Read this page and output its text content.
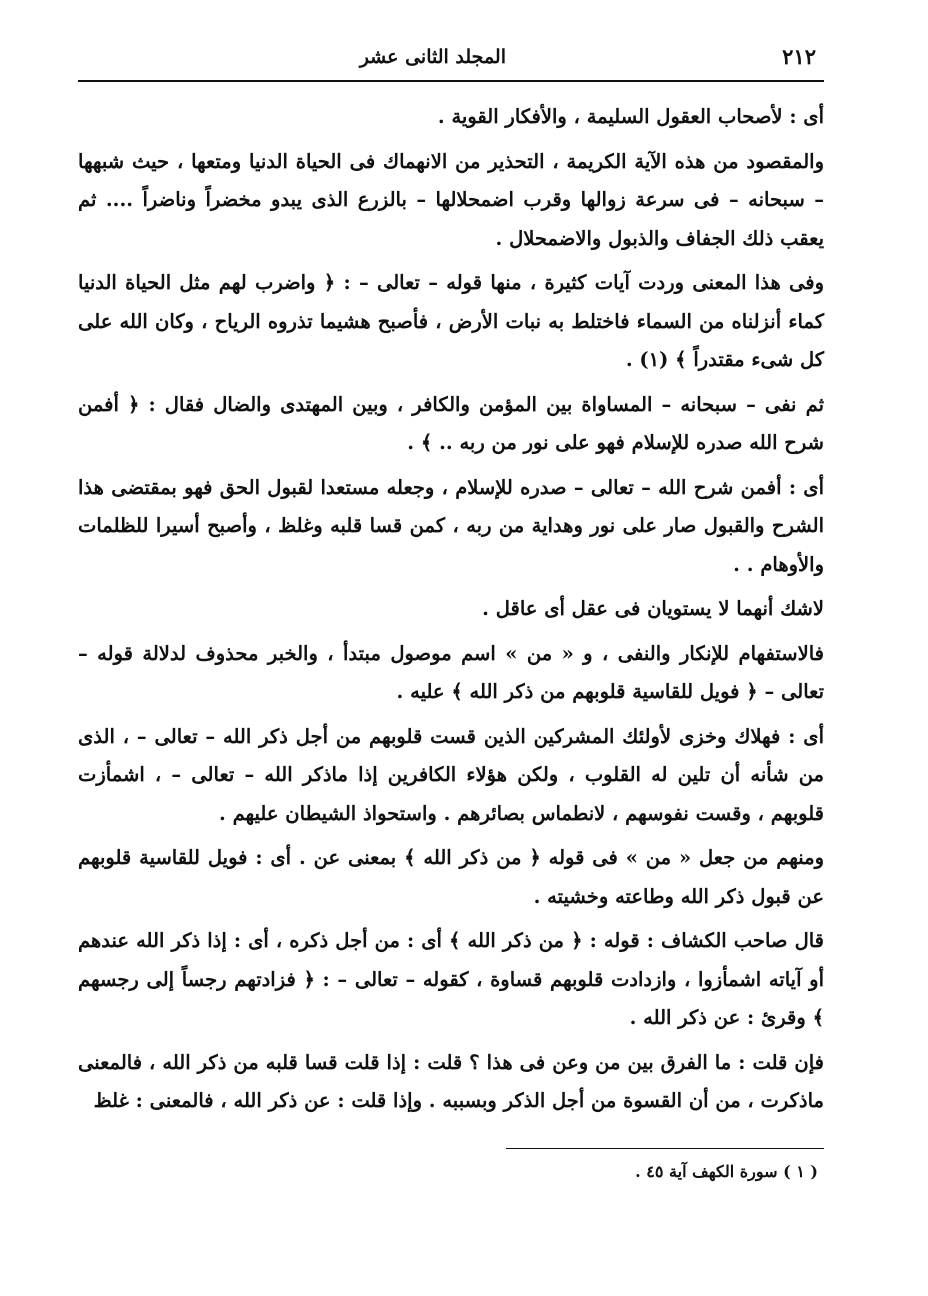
٢١٢
المجلد الثانى عشر

أى : لأصحاب العقول السليمة ، والأفكار القوية .

والمقصود من هذه الآية الكريمة ، التحذير من الانهماك فى الحياة الدنيا ومتعها ، حيث شبهها – سبحانه – فى سرعة زوالها وقرب اضمحلالها – بالزرع الذى يبدو مخضراً وناضراً .... ثم يعقب ذلك الجفاف والذبول والاضمحلال .

وفى هذا المعنى وردت آيات كثيرة ، منها قوله – تعالى – : ﴿ واضرب لهم مثل الحياة الدنيا كماء أنزلناه من السماء فاختلط به نبات الأرض ، فأصبح هشيما تذروه الرياح ، وكان الله على كل شىء مقتدراً ﴾ (١) .

ثم نفى – سبحانه – المساواة بين المؤمن والكافر ، وبين المهتدى والضال فقال : ﴿ أفمن شرح الله صدره للإسلام فهو على نور من ربه .. ﴾ .

أى : أفمن شرح الله – تعالى – صدره للإسلام ، وجعله مستعدا لقبول الحق فهو بمقتضى هذا الشرح والقبول صار على نور وهداية من ربه ، كمن قسا قلبه وغلظ ، وأصبح أسيرا للظلمات والأوهام . .

لاشك أنهما لا يستويان فى عقل أى عاقل .

فالاستفهام للإنكار والنفى ، و « من » اسم موصول مبتدأ ، والخبر محذوف لدلالة قوله – تعالى – ﴿ فويل للقاسية قلوبهم من ذكر الله ﴾ عليه .

أى : فهلاك وخزى لأولئك المشركين الذين قست قلوبهم من أجل ذكر الله – تعالى – ، الذى من شأنه أن تلين له القلوب ، ولكن هؤلاء الكافرين إذا ماذكر الله – تعالى – ، اشمأزت قلوبهم ، وقست نفوسهم ، لانطماس بصائرهم . واستحواذ الشيطان عليهم .

ومنهم من جعل « من » فى قوله ﴿ من ذكر الله ﴾ بمعنى عن . أى : فويل للقاسية قلوبهم عن قبول ذكر الله وطاعته وخشيته .

قال صاحب الكشاف : قوله : ﴿ من ذكر الله ﴾ أى : من أجل ذكره ، أى : إذا ذكر الله عندهم أو آياته اشمأزوا ، وازدادت قلوبهم قساوة ، كقوله – تعالى – : ﴿ فزادتهم رجساً إلى رجسهم ﴾ وقرئ : عن ذكر الله .

فإن قلت : ما الفرق بين من وعن فى هذا ؟ قلت : إذا قلت قسا قلبه من ذكر الله ، فالمعنى ماذكرت ، من أن القسوة من أجل الذكر وبسببه . وإذا قلت : عن ذكر الله ، فالمعنى : غلظ

( ١ ) سورة الكهف آية ٤٥ .
